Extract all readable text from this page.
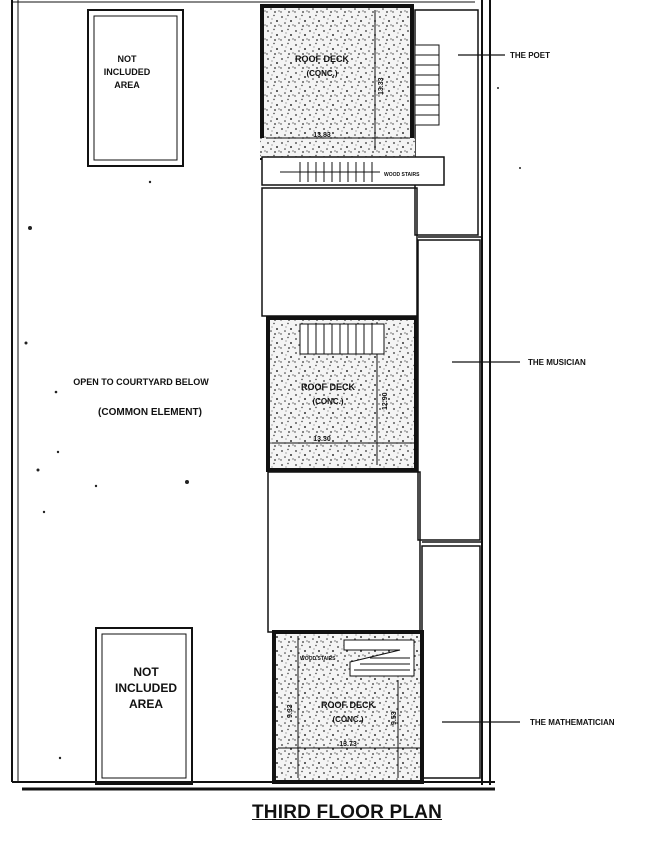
NOT
INCLUDED
AREA
NOT
INCLUDED
AREA
OPEN TO COURTYARD BELOW
(COMMON ELEMENT)
ROOF DECK
(CONC.)
13.83
13.33
WOOD STAIRS
ROOF DECK
(CONC.)
13.30
12.90
ROOF DECK
(CONC.)
13.73
9.53
9.33
WOOD STAIRS
THE POET
THE MUSICIAN
THE MATHEMATICIAN
THIRD FLOOR PLAN
